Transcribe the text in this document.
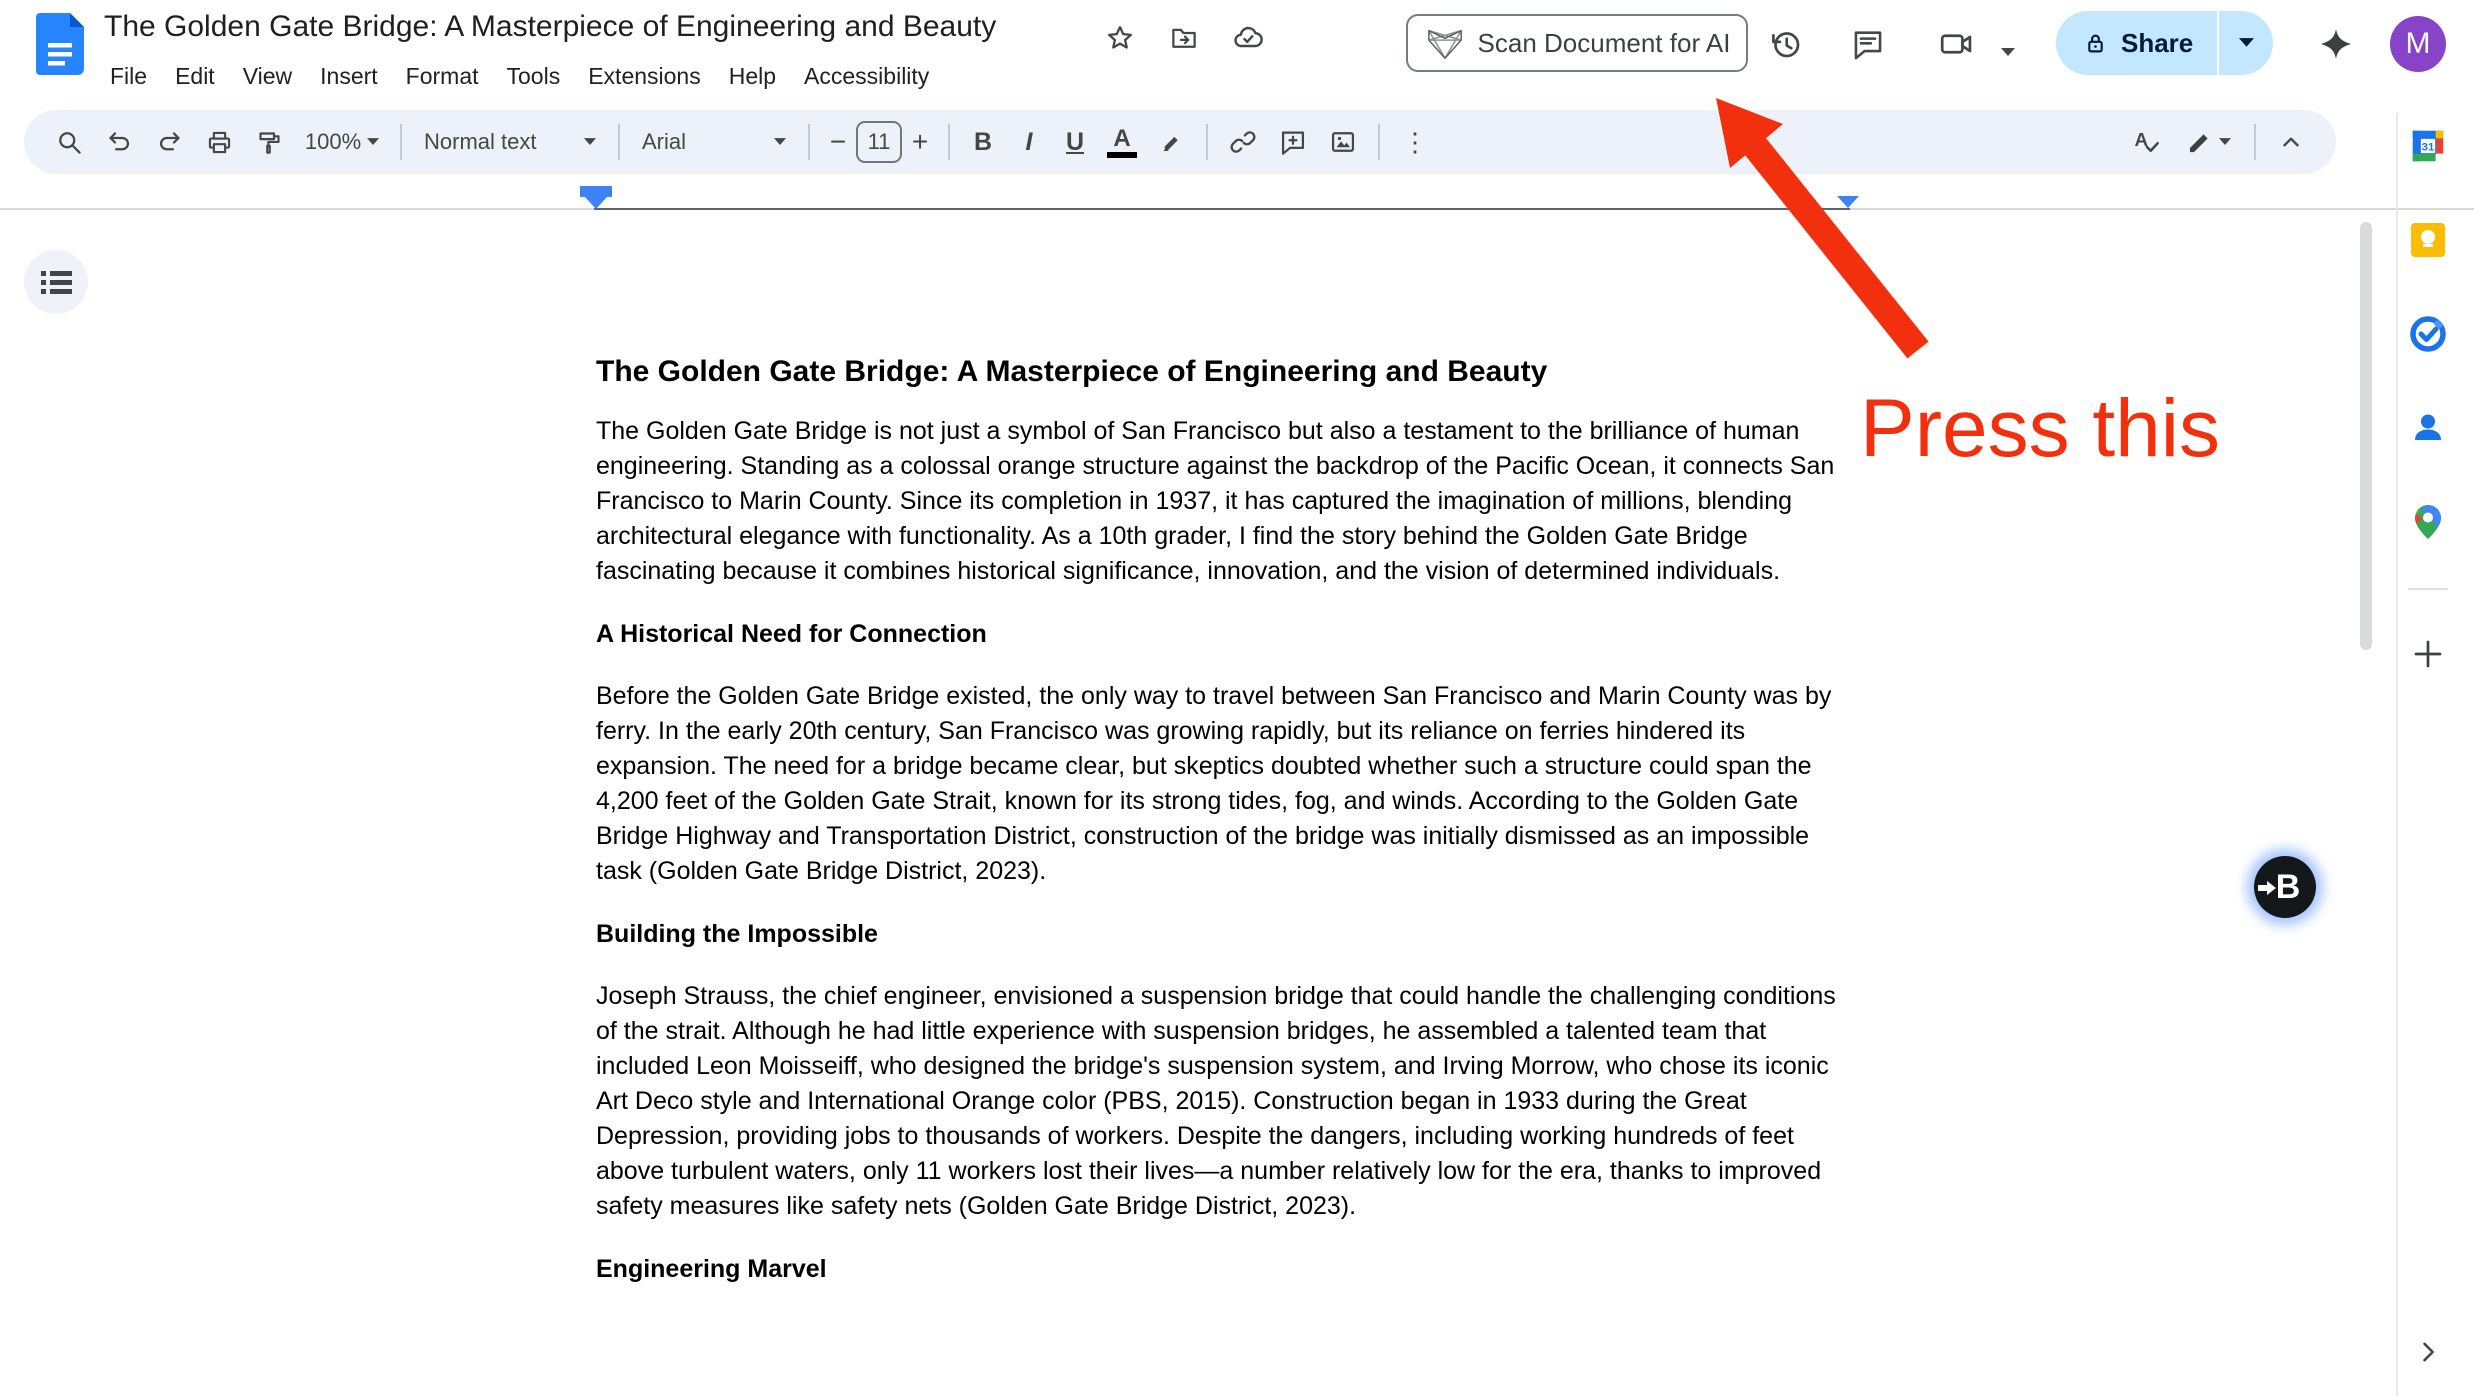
The Golden Gate Bridge: A Masterpiece of Engineering and Beauty
File	Edit	View	Insert	Format	Tools	Extensions	Help	Accessibility
Scan Document for AI	Share	M
100%	Normal text	Arial	− 11 +	B	I	U	A	⋮	A
The Golden Gate Bridge: A Masterpiece of Engineering and Beauty
The Golden Gate Bridge is not just a symbol of San Francisco but also a testament to the brilliance of human engineering. Standing as a colossal orange structure against the backdrop of the Pacific Ocean, it connects San Francisco to Marin County. Since its completion in 1937, it has captured the imagination of millions, blending architectural elegance with functionality. As a 10th grader, I find the story behind the Golden Gate Bridge fascinating because it combines historical significance, innovation, and the vision of determined individuals.
A Historical Need for Connection
Before the Golden Gate Bridge existed, the only way to travel between San Francisco and Marin County was by ferry. In the early 20th century, San Francisco was growing rapidly, but its reliance on ferries hindered its expansion. The need for a bridge became clear, but skeptics doubted whether such a structure could span the 4,200 feet of the Golden Gate Strait, known for its strong tides, fog, and winds. According to the Golden Gate Bridge Highway and Transportation District, construction of the bridge was initially dismissed as an impossible task (Golden Gate Bridge District, 2023).
Building the Impossible
Joseph Strauss, the chief engineer, envisioned a suspension bridge that could handle the challenging conditions of the strait. Although he had little experience with suspension bridges, he assembled a talented team that included Leon Moisseiff, who designed the bridge's suspension system, and Irving Morrow, who chose its iconic Art Deco style and International Orange color (PBS, 2015). Construction began in 1933 during the Great Depression, providing jobs to thousands of workers. Despite the dangers, including working hundreds of feet above turbulent waters, only 11 workers lost their lives—a number relatively low for the era, thanks to improved safety measures like safety nets (Golden Gate Bridge District, 2023).
Engineering Marvel
31
Press this
B
